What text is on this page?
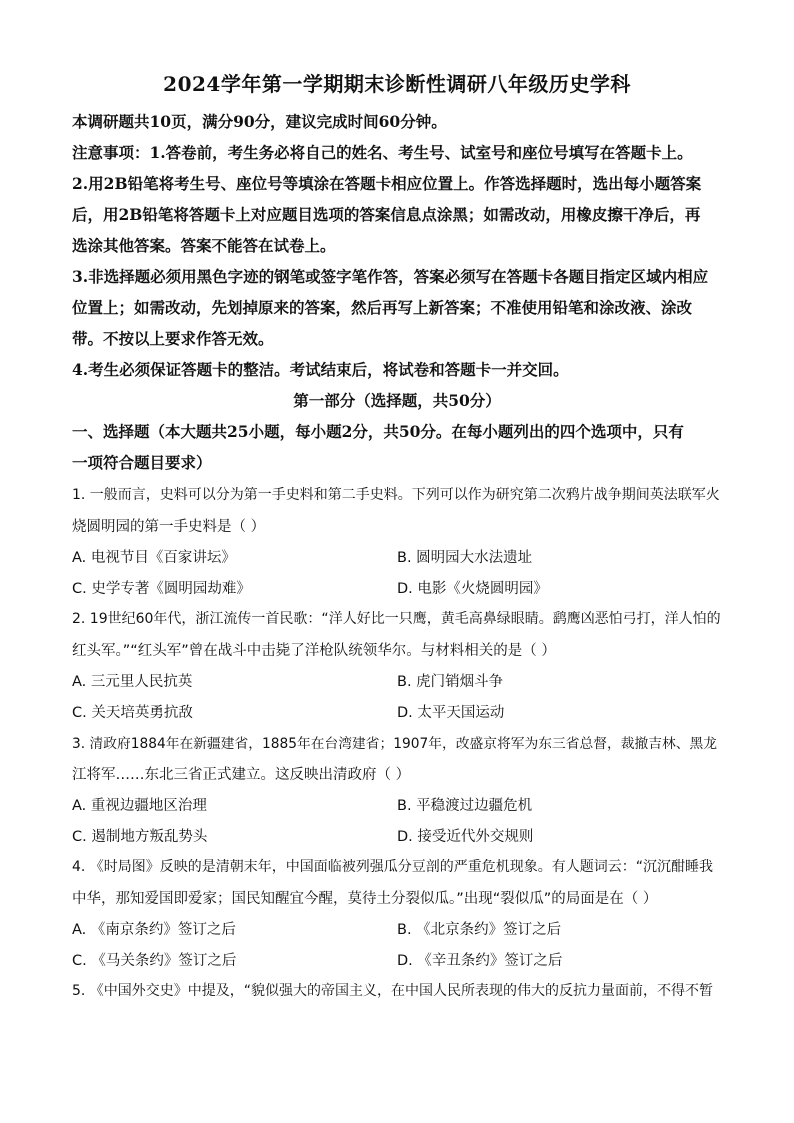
2024学年第一学期期末诊断性调研八年级历史学科
本调研题共10页，满分90分，建议完成时间60分钟。
注意事项：1.答卷前，考生务必将自己的姓名、考生号、试室号和座位号填写在答题卡上。
2.用2B铅笔将考生号、座位号等填涂在答题卡相应位置上。作答选择题时，选出每小题答案
后，用2B铅笔将答题卡上对应题目选项的答案信息点涂黑；如需改动，用橡皮擦干净后，再
选涂其他答案。答案不能答在试卷上。
3.非选择题必须用黑色字迹的钢笔或签字笔作答，答案必须写在答题卡各题目指定区域内相应
位置上；如需改动，先划掉原来的答案，然后再写上新答案；不准使用铅笔和涂改液、涂改
带。不按以上要求作答无效。
4.考生必须保证答题卡的整洁。考试结束后，将试卷和答题卡一并交回。
第一部分（选择题，共50分）
一、选择题（本大题共25小题，每小题2分，共50分。在每小题列出的四个选项中，只有
一项符合题目要求）
1. 一般而言，史料可以分为第一手史料和第二手史料。下列可以作为研究第二次鸦片战争期间英法联军火
烧圆明园的第一手史料是（ ）
A. 电视节目《百家讲坛》	B. 圆明园大水法遗址
C. 史学专著《圆明园劫难》	D. 电影《火烧圆明园》
2. 19世纪60年代，浙江流传一首民歌：“洋人好比一只鹰，黄毛高鼻绿眼睛。鹞鹰凶恶怕弓打，洋人怕的
红头军。”“红头军”曾在战斗中击毙了洋枪队统领华尔。与材料相关的是（ ）
A. 三元里人民抗英	B. 虎门销烟斗争
C. 关天培英勇抗敌	D. 太平天国运动
3. 清政府1884年在新疆建省，1885年在台湾建省；1907年，改盛京将军为东三省总督，裁撤吉林、黑龙
江将军……东北三省正式建立。这反映出清政府（ ）
A. 重视边疆地区治理	B. 平稳渡过边疆危机
C. 遏制地方叛乱势头	D. 接受近代外交规则
4. 《时局图》反映的是清朝末年，中国面临被列强瓜分豆剖的严重危机现象。有人题词云：“沉沉酣睡我
中华，那知爱国即爱家；国民知醒宜今醒，莫待土分裂似瓜。”出现“裂似瓜”的局面是在（ ）
A. 《南京条约》签订之后	B. 《北京条约》签订之后
C. 《马关条约》签订之后	D. 《辛丑条约》签订之后
5. 《中国外交史》中提及，“貌似强大的帝国主义，在中国人民所表现的伟大的反抗力量面前，不得不暂
